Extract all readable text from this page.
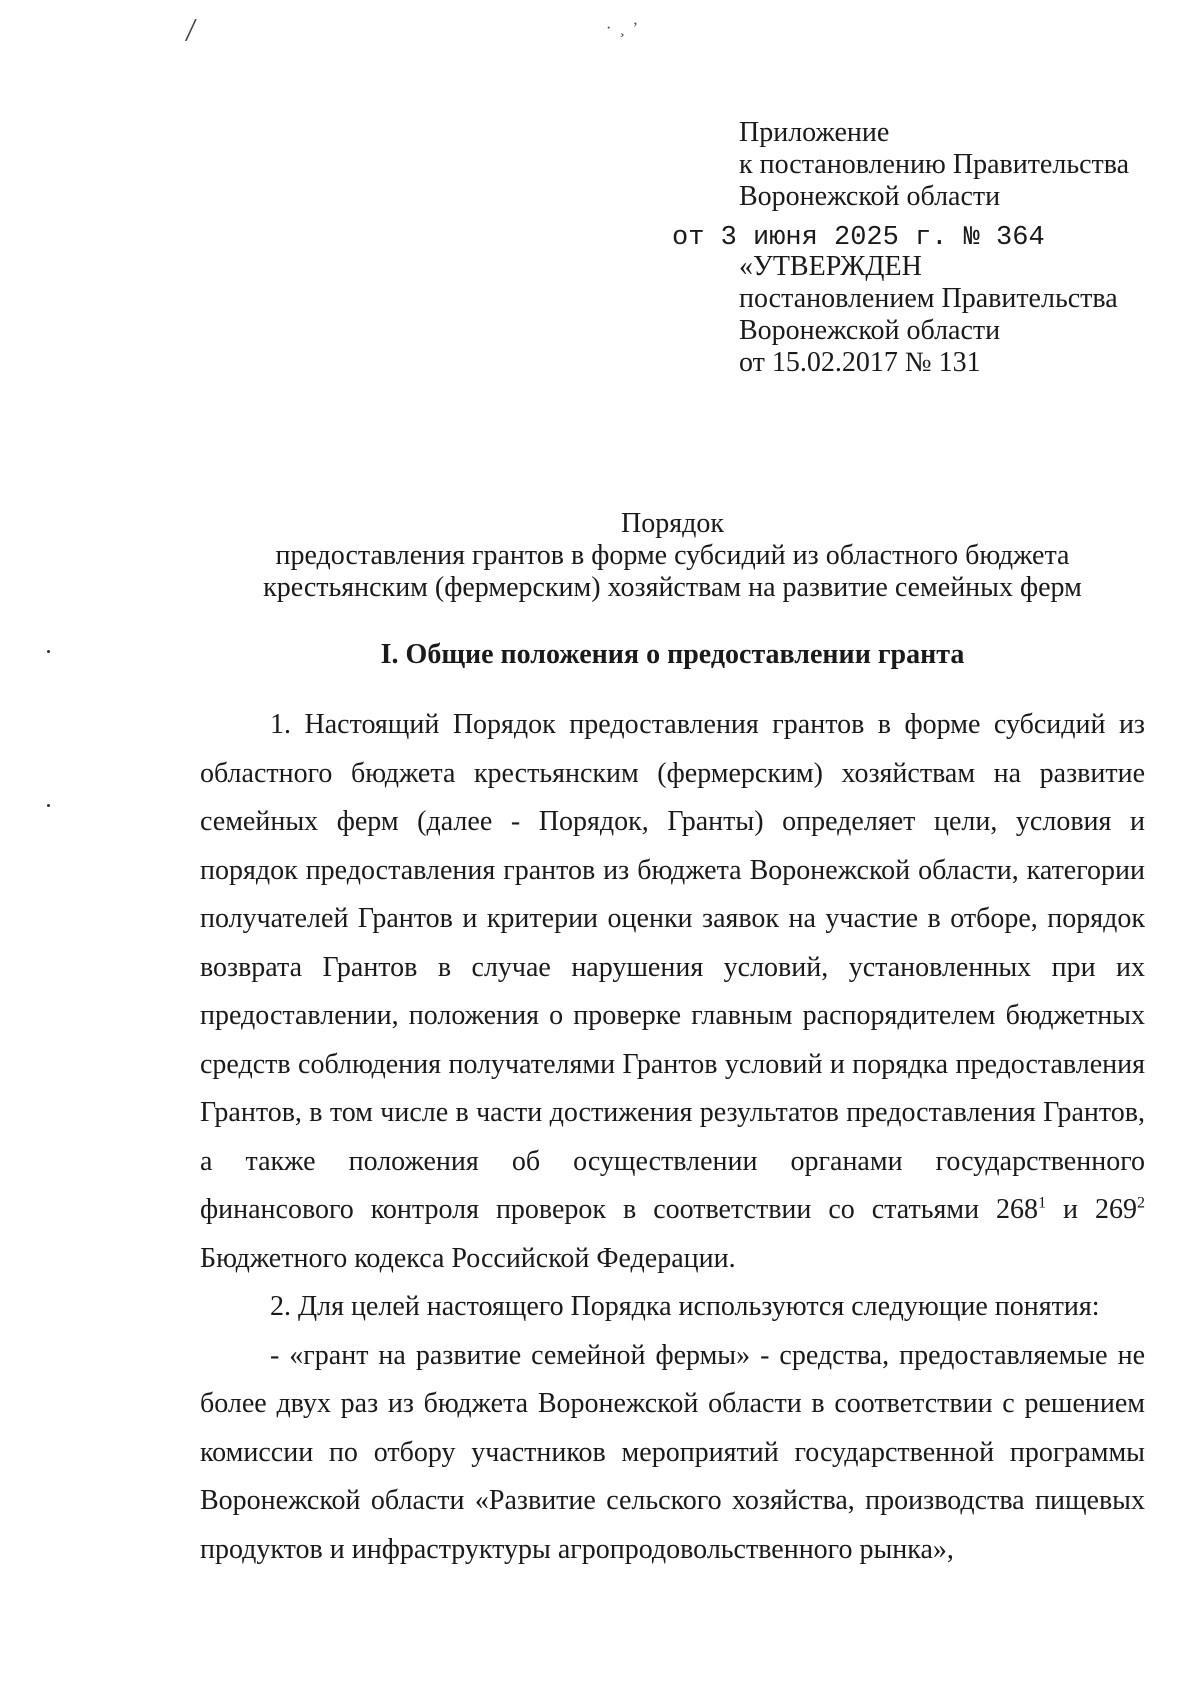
/	· ¸ ʼ
Приложение
к постановлению Правительства
Воронежской области
от 3 июня 2025 г. № 364
«УТВЕРЖДЕН
постановлением Правительства
Воронежской области
от 15.02.2017 № 131
Порядок
предоставления грантов в форме субсидий из областного бюджета
крестьянским (фермерским) хозяйствам на развитие семейных ферм
I. Общие положения о предоставлении гранта

1. Настоящий Порядок предоставления грантов в форме субсидий из областного бюджета крестьянским (фермерским) хозяйствам на развитие семейных ферм (далее - Порядок, Гранты) определяет цели, условия и порядок предоставления грантов из бюджета Воронежской области, категории получателей Грантов и критерии оценки заявок на участие в отборе, порядок возврата Грантов в случае нарушения условий, установленных при их предоставлении, положения о проверке главным распорядителем бюджетных средств соблюдения получателями Грантов условий и порядка предоставления Грантов, в том числе в части достижения результатов предоставления Грантов, а также положения об осуществлении органами государственного финансового контроля проверок в соответствии со статьями $268^1$ и $269^2$ Бюджетного кодекса Российской Федерации.

2. Для целей настоящего Порядка используются следующие понятия:

- «грант на развитие семейной фермы» - средства, предоставляемые не более двух раз из бюджета Воронежской области в соответствии с решением комиссии по отбору участников мероприятий государственной программы Воронежской области «Развитие сельского хозяйства, производства пищевых продуктов и инфраструктуры агропродовольственного рынка»,
